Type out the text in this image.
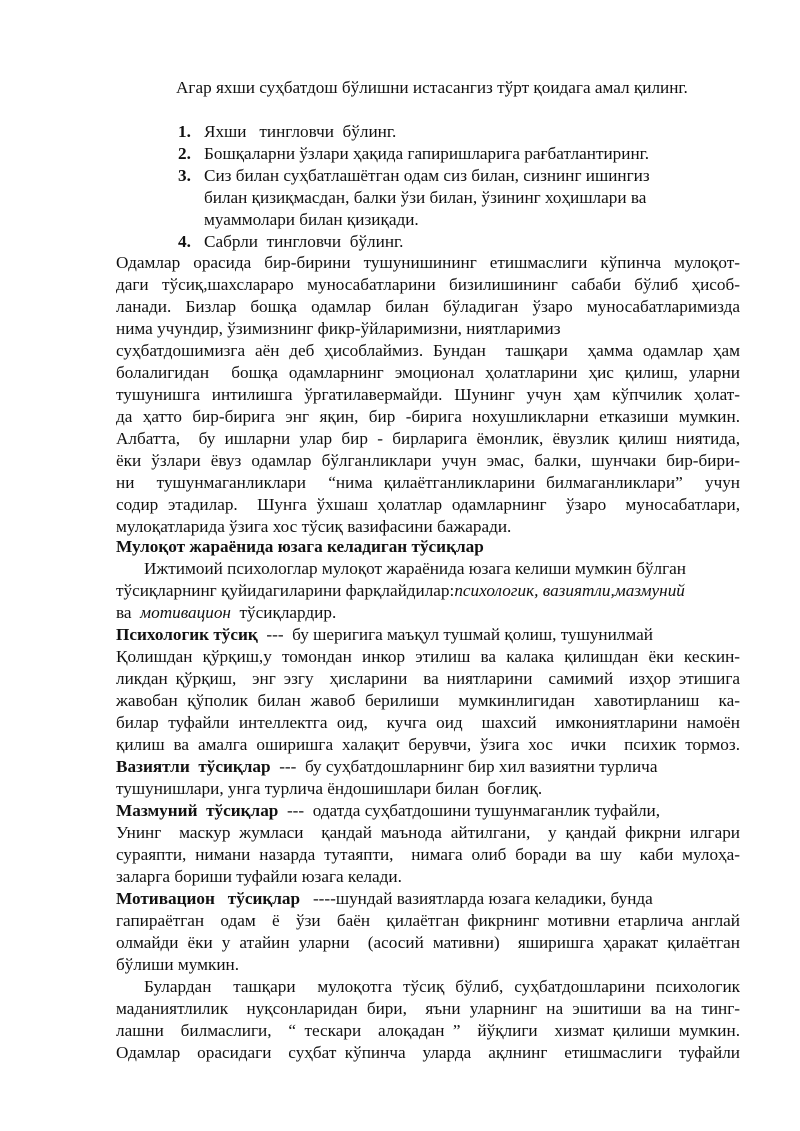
Агар яхши суҳбатдош бўлишни истасангиз тўрт қоидага амал қилинг.
1. Яхши   тингловчи  бўлинг.
2. Бошқаларни ўзлари ҳақида гапиришларига рағбатлантиринг.
3. Сиз билан суҳбатлашётган одам сиз билан, сизнинг ишингиз
билан қизиқмасдан, балки ўзи билан, ўзининг хоҳишлари ва
муаммолари билан қизиқади.
4. Сабрли  тингловчи  бўлинг.
Одамлар орасида бир-бирини тушунишининг етишмаслиги кўпинча мулоқот-
даги тўсиқ,шахслараро муносабатларини бизилишининг сабаби бўлиб ҳисоб-
ланади. Бизлар бошқа одамлар билан бўладиган ўзаро муносабатларимизда
нима учундир, ўзимизнинг фикр-ўйларимизни, ниятларимиз
суҳбатдошимизга аён деб ҳисоблаймиз. Бундан  ташқари  ҳамма одамлар ҳам
болалигидан  бошқа одамларнинг эмоционал ҳолатларини ҳис қилиш, уларни
тушунишга интилишга ўргатилавермайди. Шунинг учун ҳам кўпчилик ҳолат-
да ҳатто бир-бирига энг яқин, бир -бирига нохушликларни етказиши мумкин.
Албатта,  бу ишларни улар бир - бирларига ёмонлик, ёвузлик қилиш ниятида,
ёки ўзлари ёвуз одамлар бўлганликлари учун эмас, балки, шунчаки бир-бири-
ни  тушунмаганликлари  “нима қилаётганликларини билмаганликлари”  учун
содир этадилар.  Шунга ўхшаш ҳолатлар одамларнинг  ўзаро  муносабатлари,
мулоқатларида ўзига хос тўсиқ вазифасини бажаради.
Мулоқот жараёнида юзага келадиган тўсиқлар
Ижтимоий психологлар мулоқот жараёнида юзага келиши мумкин бўлган
тўсиқларнинг қуйидагиларини фарқлайдилар:психологик, вазиятли,мазмуний
ва  мотивацион  тўсиқлардир.
Психологик тўсиқ  ---  бу шеригига маъқул тушмай қолиш, тушунилмай
Қолишдан қўрқиш,у томондан инкор этилиш ва калака қилишдан ёки кескин-
ликдан қўрқиш,  энг эзгу  ҳисларини  ва ниятларини  самимий  изҳор этишига
жавобан қўполик билан жавоб берилиши  мумкинлигидан  хавотирланиш  ка-
билар туфайли интеллектга оид,  кучга оид  шахсий  имкониятларини намоён
қилиш ва амалга оширишга халақит берувчи, ўзига хос  ички  психик тормоз.
Вазиятли  тўсиқлар  ---  бу суҳбатдошларнинг бир хил вазиятни турлича
тушунишлари, унга турлича ёндошишлари билан  боғлиқ.
Мазмуний  тўсиқлар  ---  одатда суҳбатдошини тушунмаганлик туфайли,
Унинг  маскур жумласи  қандай маънода айтилгани,  у қандай фикрни илгари
сураяпти, нимани назарда тутаяпти,  нимага олиб боради ва шу  каби мулоҳа-
заларга бориши туфайли юзага келади.
Мотивацион   тўсиқлар   ----шундай вазиятларда юзага келадики, бунда
гапираётган  одам  ё  ўзи  баён  қилаётган фикрнинг мотивни етарлича англай
олмайди ёки у атайин уларни  (асосий мативни)  яширишга ҳаракат қилаётган
бўлиши мумкин.
Булардан  ташқари  мулоқотга тўсиқ бўлиб, суҳбатдошларини психологик
маданиятлилик  нуқсонларидан бири,  яъни уларнинг на эшитиши ва на тинг-
лашни  билмаслиги,  “ тескари  алоқадан ”  йўқлиги  хизмат қилиши мумкин.
Одамлар  орасидаги  суҳбат кўпинча  уларда  ақлнинг  етишмаслиги  туфайли
